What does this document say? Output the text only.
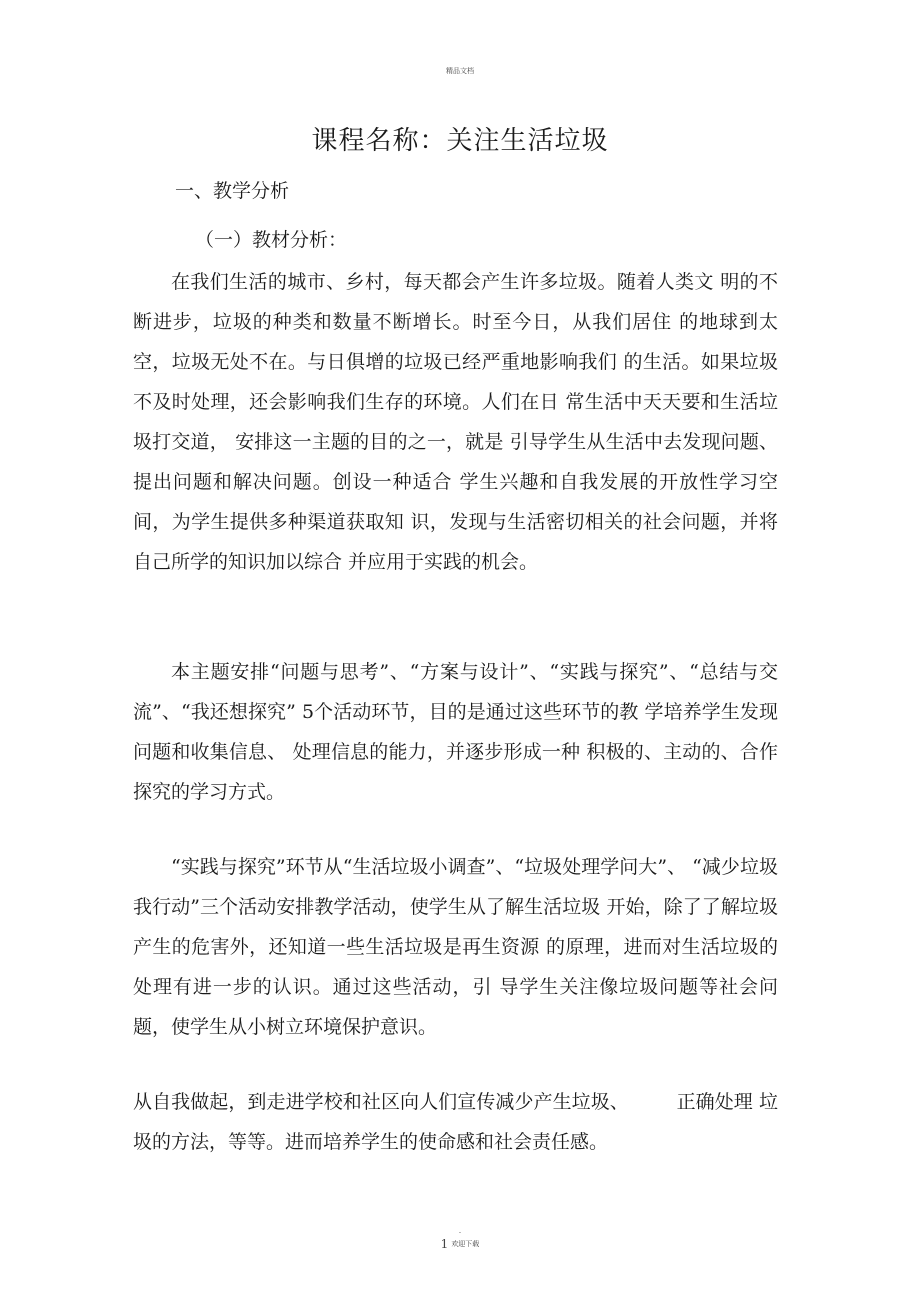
精品文档
课程名称：关注生活垃圾
一、教学分析
（一）教材分析：

在我们生活的城市、乡村，每天都会产生许多垃圾。随着人类文 明的不断进步，垃圾的种类和数量不断增长。时至今日，从我们居住 的地球到太空，垃圾无处不在。与日俱增的垃圾已经严重地影响我们 的生活。如果垃圾不及时处理，还会影响我们生存的环境。人们在日 常生活中天天要和生活垃圾打交道， 安排这一主题的目的之一，就是 引导学生从生活中去发现问题、提出问题和解决问题。创设一种适合 学生兴趣和自我发展的开放性学习空间，为学生提供多种渠道获取知 识，发现与生活密切相关的社会问题，并将自己所学的知识加以综合 并应用于实践的机会。

本主题安排“问题与思考”、“方案与设计”、“实践与探究”、“总结与交流”、“我还想探究” 5个活动环节，目的是通过这些环节的教 学培养学生发现问题和收集信息、 处理信息的能力，并逐步形成一种 积极的、主动的、合作探究的学习方式。

“实践与探究”环节从“生活垃圾小调查”、“垃圾处理学问大”、 “减少垃圾我行动”三个活动安排教学活动，使学生从了解生活垃圾 开始，除了了解垃圾产生的危害外，还知道一些生活垃圾是再生资源 的原理，进而对生活垃圾的处理有进一步的认识。通过这些活动，引 导学生关注像垃圾问题等社会问题，使学生从小树立环境保护意识。

从自我做起，到走进学校和社区向人们宣传减少产生垃圾、　　　正确处理 垃圾的方法，等等。进而培养学生的使命感和社会责任感。

.
1 欢迎下载
